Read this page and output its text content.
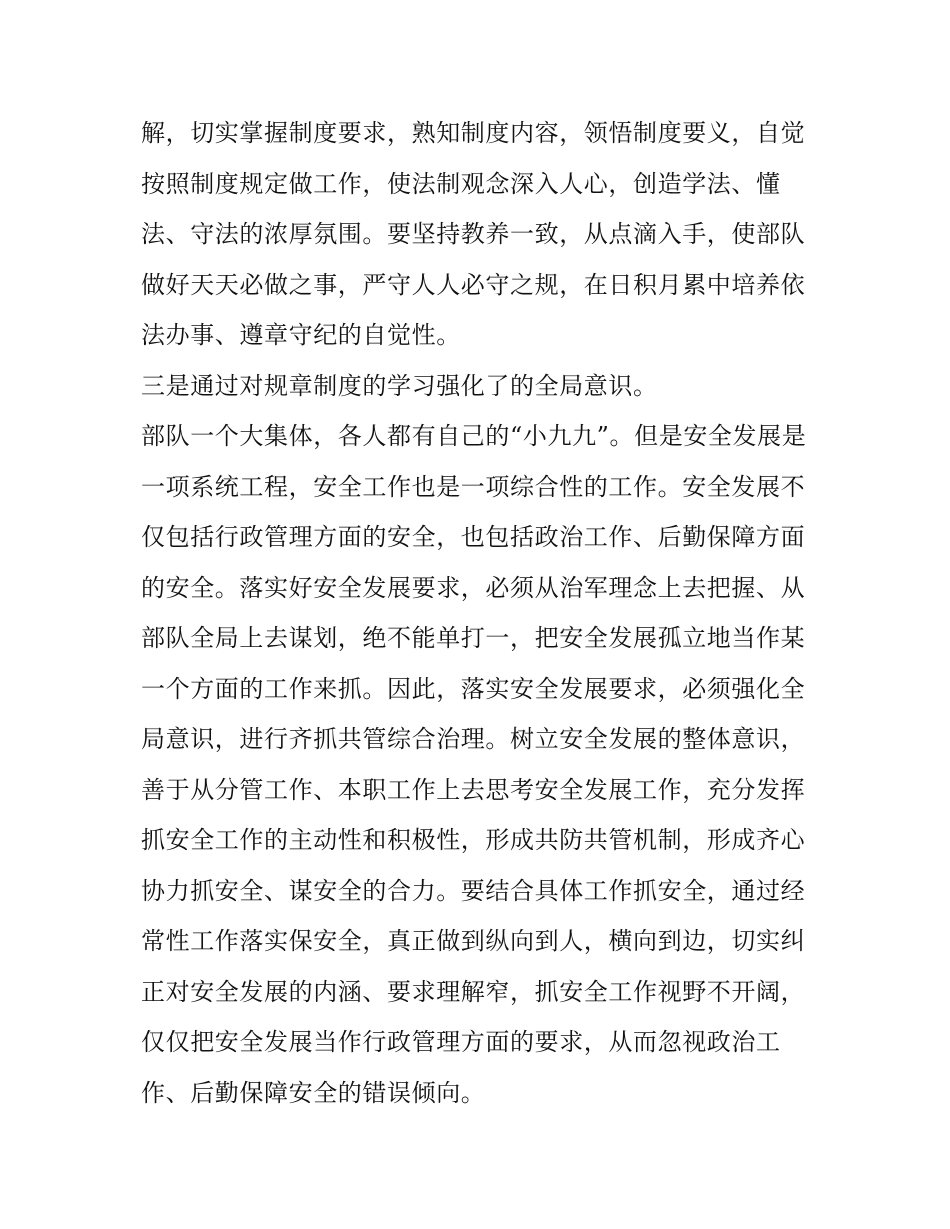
解，切实掌握制度要求，熟知制度内容，领悟制度要义，自觉
按照制度规定做工作，使法制观念深入人心，创造学法、懂
法、守法的浓厚氛围。要坚持教养一致，从点滴入手，使部队
做好天天必做之事，严守人人必守之规，在日积月累中培养依
法办事、遵章守纪的自觉性。
三是通过对规章制度的学习强化了的全局意识。
部队一个大集体，各人都有自己的“小九九”。但是安全发展是
一项系统工程，安全工作也是一项综合性的工作。安全发展不
仅包括行政管理方面的安全，也包括政治工作、后勤保障方面
的安全。落实好安全发展要求，必须从治军理念上去把握、从
部队全局上去谋划，绝不能单打一，把安全发展孤立地当作某
一个方面的工作来抓。因此，落实安全发展要求，必须强化全
局意识，进行齐抓共管综合治理。树立安全发展的整体意识，
善于从分管工作、本职工作上去思考安全发展工作，充分发挥
抓安全工作的主动性和积极性，形成共防共管机制，形成齐心
协力抓安全、谋安全的合力。要结合具体工作抓安全，通过经
常性工作落实保安全，真正做到纵向到人，横向到边，切实纠
正对安全发展的内涵、要求理解窄，抓安全工作视野不开阔，
仅仅把安全发展当作行政管理方面的要求，从而忽视政治工
作、后勤保障安全的错误倾向。
